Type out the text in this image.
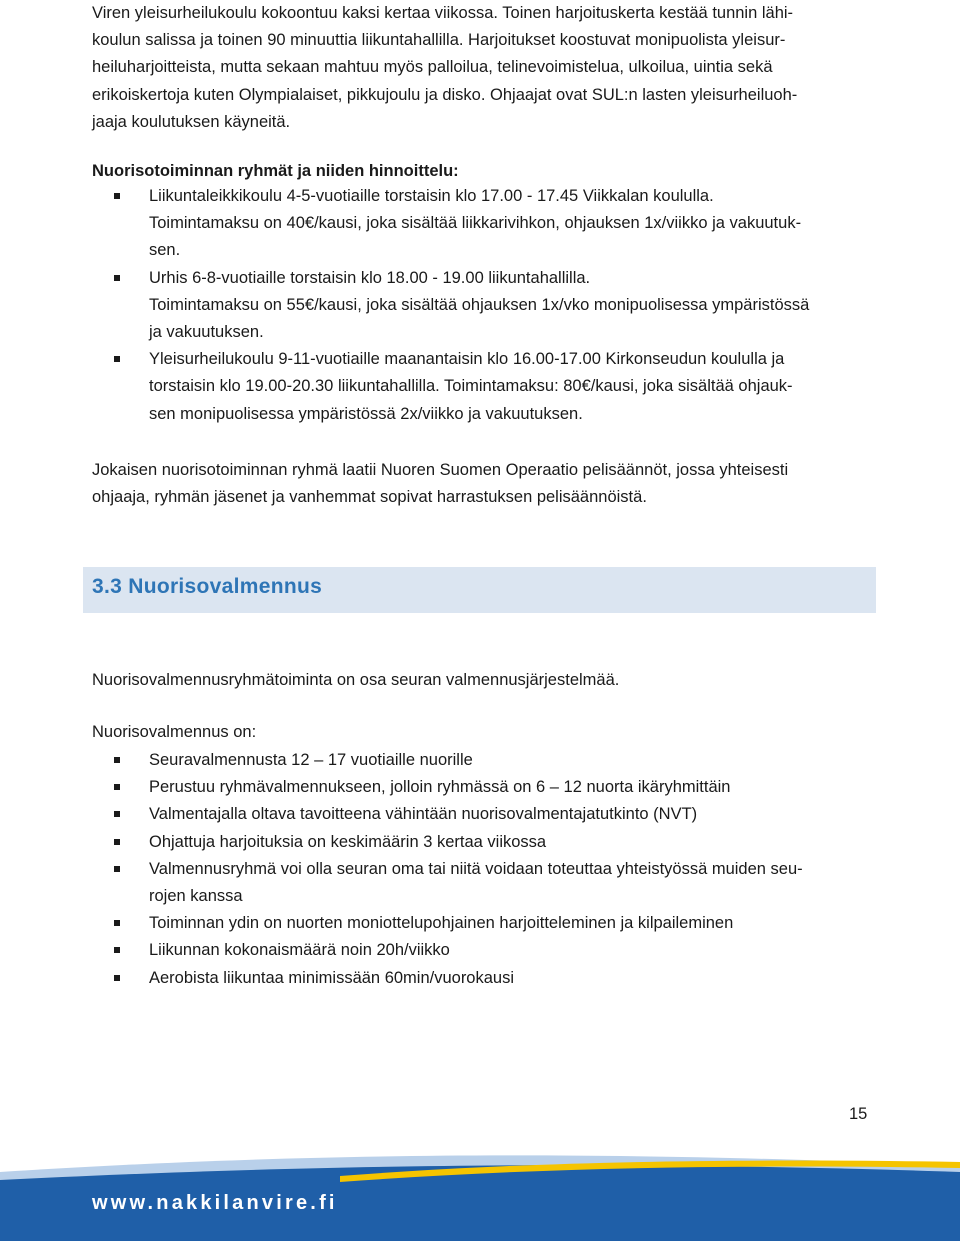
Viren yleisurheilukoulu kokoontuu kaksi kertaa viikossa. Toinen harjoituskerta kestää tunnin lähi-
koulun salissa ja toinen 90 minuuttia liikuntahallilla. Harjoitukset koostuvat monipuolista yleisur-
heiluharjoitteista, mutta sekaan mahtuu myös palloilua, telinevoimistelua, ulkoilua, uintia sekä
erikoiskertoja kuten Olympialaiset, pikkujoulu ja disko. Ohjaajat ovat SUL:n lasten yleisurheiluoh-
jaaja koulutuksen käyneitä.
Nuorisotoiminnan ryhmät ja niiden hinnoittelu:
Liikuntaleikkikoulu 4-5-vuotiaille torstaisin klo 17.00 - 17.45 Viikkalan koululla.
Toimintamaksu on 40€/kausi, joka sisältää liikkarivihkon, ohjauksen 1x/viikko ja vakuutuk-
sen.
Urhis 6-8-vuotiaille torstaisin klo 18.00 - 19.00 liikuntahallilla.
Toimintamaksu on 55€/kausi, joka sisältää ohjauksen 1x/vko monipuolisessa ympäristössä
ja vakuutuksen.
Yleisurheilukoulu 9-11-vuotiaille maanantaisin klo 16.00-17.00 Kirkonseudun koululla ja
torstaisin klo 19.00-20.30 liikuntahallilla. Toimintamaksu: 80€/kausi, joka sisältää ohjauk-
sen monipuolisessa ympäristössä 2x/viikko ja vakuutuksen.
Jokaisen nuorisotoiminnan ryhmä laatii Nuoren Suomen Operaatio pelisäännöt, jossa yhteisesti
ohjaaja, ryhmän jäsenet ja vanhemmat sopivat harrastuksen pelisäännöistä.
3.3 Nuorisovalmennus
Nuorisovalmennusryhmätoiminta on osa seuran valmennusjärjestelmää.
Nuorisovalmennus on:
Seuravalmennusta 12 – 17 vuotiaille nuorille
Perustuu ryhmävalmennukseen, jolloin ryhmässä on 6 – 12 nuorta ikäryhmittäin
Valmentajalla oltava tavoitteena vähintään nuorisovalmentajatutkinto (NVT)
Ohjattuja harjoituksia on keskimäärin 3 kertaa viikossa
Valmennusryhmä voi olla seuran oma tai niitä voidaan toteuttaa yhteistyössä muiden seu-
rojen kanssa
Toiminnan ydin on nuorten moniottelupohjainen harjoitteleminen ja kilpaileminen
Liikunnan kokonaismäärä noin 20h/viikko
Aerobista liikuntaa minimissään 60min/vuorokausi
15
www.nakkilanvire.fi
